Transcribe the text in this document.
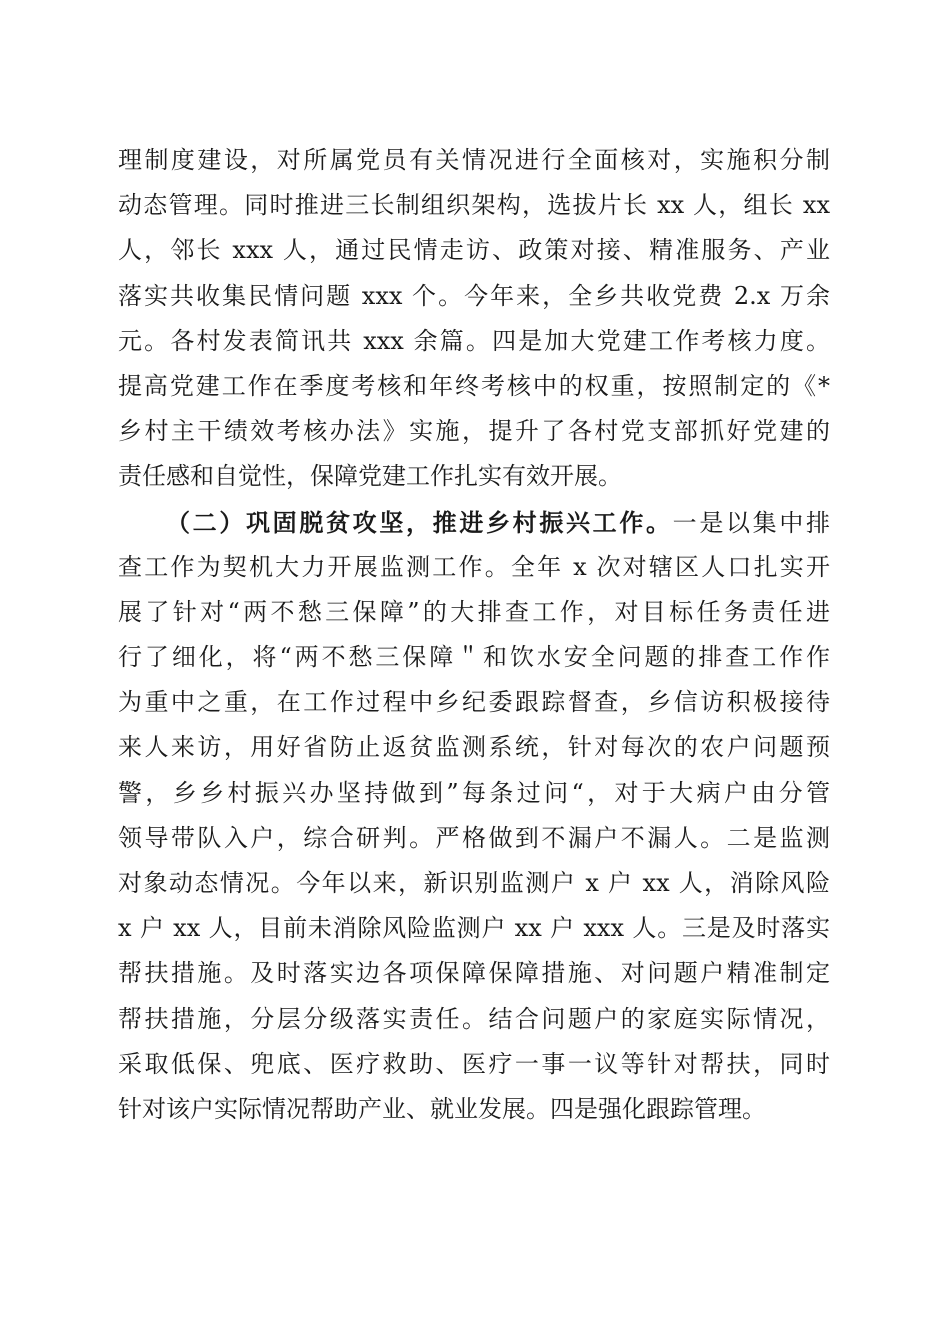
理制度建设，对所属党员有关情况进行全面核对，实施积分制
动态管理。同时推进三长制组织架构，选拔片长 xx 人，组长 xx
人，邻长 xxx 人，通过民情走访、政策对接、精准服务、产业
落实共收集民情问题 xxx 个。今年来，全乡共收党费 2.x 万余
元。各村发表简讯共 xxx 余篇。四是加大党建工作考核力度。
提高党建工作在季度考核和年终考核中的权重，按照制定的《*
乡村主干绩效考核办法》实施，提升了各村党支部抓好党建的
责任感和自觉性，保障党建工作扎实有效开展。
（二）巩固脱贫攻坚，推进乡村振兴工作。一是以集中排
查工作为契机大力开展监测工作。全年 x 次对辖区人口扎实开
展了针对“两不愁三保障”的大排查工作，对目标任务责任进
行了细化，将“两不愁三保障＂和饮水安全问题的排查工作作
为重中之重，在工作过程中乡纪委跟踪督查，乡信访积极接待
来人来访，用好省防止返贫监测系统，针对每次的农户问题预
警，乡乡村振兴办坚持做到”每条过问“，对于大病户由分管
领导带队入户，综合研判。严格做到不漏户不漏人。二是监测
对象动态情况。今年以来，新识别监测户 x 户 xx 人，消除风险
x 户 xx 人，目前未消除风险监测户 xx 户 xxx 人。三是及时落实
帮扶措施。及时落实边各项保障保障措施、对问题户精准制定
帮扶措施，分层分级落实责任。结合问题户的家庭实际情况，
采取低保、兜底、医疗救助、医疗一事一议等针对帮扶，同时
针对该户实际情况帮助产业、就业发展。四是强化跟踪管理。
